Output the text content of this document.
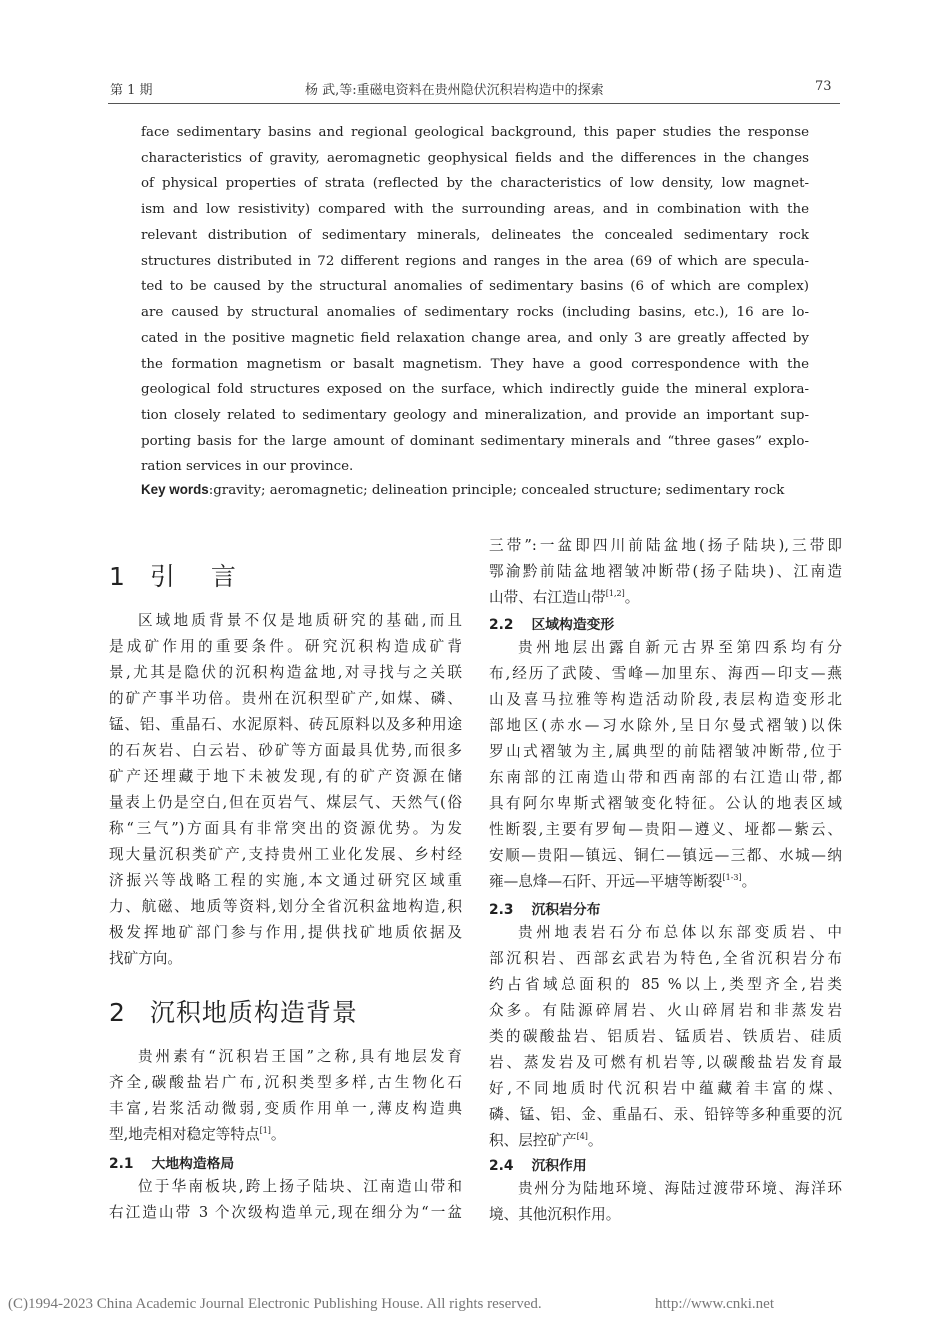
第 1 期	杨 武,等:重磁电资料在贵州隐伏沉积岩构造中的探索	73
face sedimentary basins and regional geological background, this paper studies the response
characteristics of gravity, aeromagnetic geophysical fields and the differences in the changes
of physical properties of strata (reflected by the characteristics of low density, low magnet-
ism and low resistivity) compared with the surrounding areas, and in combination with the
relevant distribution of sedimentary minerals, delineates the concealed sedimentary rock
structures distributed in 72 different regions and ranges in the area (69 of which are specula-
ted to be caused by the structural anomalies of sedimentary basins (6 of which are complex)
are caused by structural anomalies of sedimentary rocks (including basins, etc.), 16 are lo-
cated in the positive magnetic field relaxation change area, and only 3 are greatly affected by
the formation magnetism or basalt magnetism. They have a good correspondence with the
geological fold structures exposed on the surface, which indirectly guide the mineral explora-
tion closely related to sedimentary geology and mineralization, and provide an important sup-
porting basis for the large amount of dominant sedimentary minerals and “three gases” explo-
ration services in our province.
Key words:gravity; aeromagnetic; delineation principle; concealed structure; sedimentary rock
1 引 言
区域地质背景不仅是地质研究的基础,而且
是成矿作用的重要条件。研究沉积构造成矿背
景,尤其是隐伏的沉积构造盆地,对寻找与之关联
的矿产事半功倍。贵州在沉积型矿产,如煤、磷、
锰、铝、重晶石、水泥原料、砖瓦原料以及多种用途
的石灰岩、白云岩、砂矿等方面最具优势,而很多
矿产还埋藏于地下未被发现,有的矿产资源在储
量表上仍是空白,但在页岩气、煤层气、天然气(俗
称“三气”)方面具有非常突出的资源优势。为发
现大量沉积类矿产,支持贵州工业化发展、乡村经
济振兴等战略工程的实施,本文通过研究区域重
力、航磁、地质等资料,划分全省沉积盆地构造,积
极发挥地矿部门参与作用,提供找矿地质依据及
找矿方向。
2 沉积地质构造背景
贵州素有“沉积岩王国”之称,具有地层发育
齐全,碳酸盐岩广布,沉积类型多样,古生物化石
丰富,岩浆活动微弱,变质作用单一,薄皮构造典
型,地壳相对稳定等特点[1]。
2.1 大地构造格局
位于华南板块,跨上扬子陆块、江南造山带和
右江造山带 3 个次级构造单元,现在细分为“一盆
三带”:一盆即四川前陆盆地(扬子陆块),三带即
鄂渝黔前陆盆地褶皱冲断带(扬子陆块)、江南造
山带、右江造山带[1,2]。
2.2 区域构造变形
贵州地层出露自新元古界至第四系均有分
布,经历了武陵、雪峰—加里东、海西—印支—燕
山及喜马拉雅等构造活动阶段,表层构造变形北
部地区(赤水—习水除外,呈日尔曼式褶皱)以侏
罗山式褶皱为主,属典型的前陆褶皱冲断带,位于
东南部的江南造山带和西南部的右江造山带,都
具有阿尔卑斯式褶皱变化特征。公认的地表区域
性断裂,主要有罗甸—贵阳—遵义、垭都—紫云、
安顺—贵阳—镇远、铜仁—镇远—三都、水城—纳
雍—息烽—石阡、开远—平塘等断裂[1-3]。
2.3 沉积岩分布
贵州地表岩石分布总体以东部变质岩、中
部沉积岩、西部玄武岩为特色,全省沉积岩分布
约占省域总面积的 85 %以上,类型齐全,岩类
众多。有陆源碎屑岩、火山碎屑岩和非蒸发岩
类的碳酸盐岩、铝质岩、锰质岩、铁质岩、硅质
岩、蒸发岩及可燃有机岩等,以碳酸盐岩发育最
好,不同地质时代沉积岩中蕴藏着丰富的煤、
磷、锰、铝、金、重晶石、汞、铅锌等多种重要的沉
积、层控矿产[4]。
2.4 沉积作用
贵州分为陆地环境、海陆过渡带环境、海洋环
境、其他沉积作用。
(C)1994-2023 China Academic Journal Electronic Publishing House. All rights reserved.	http://www.cnki.net
